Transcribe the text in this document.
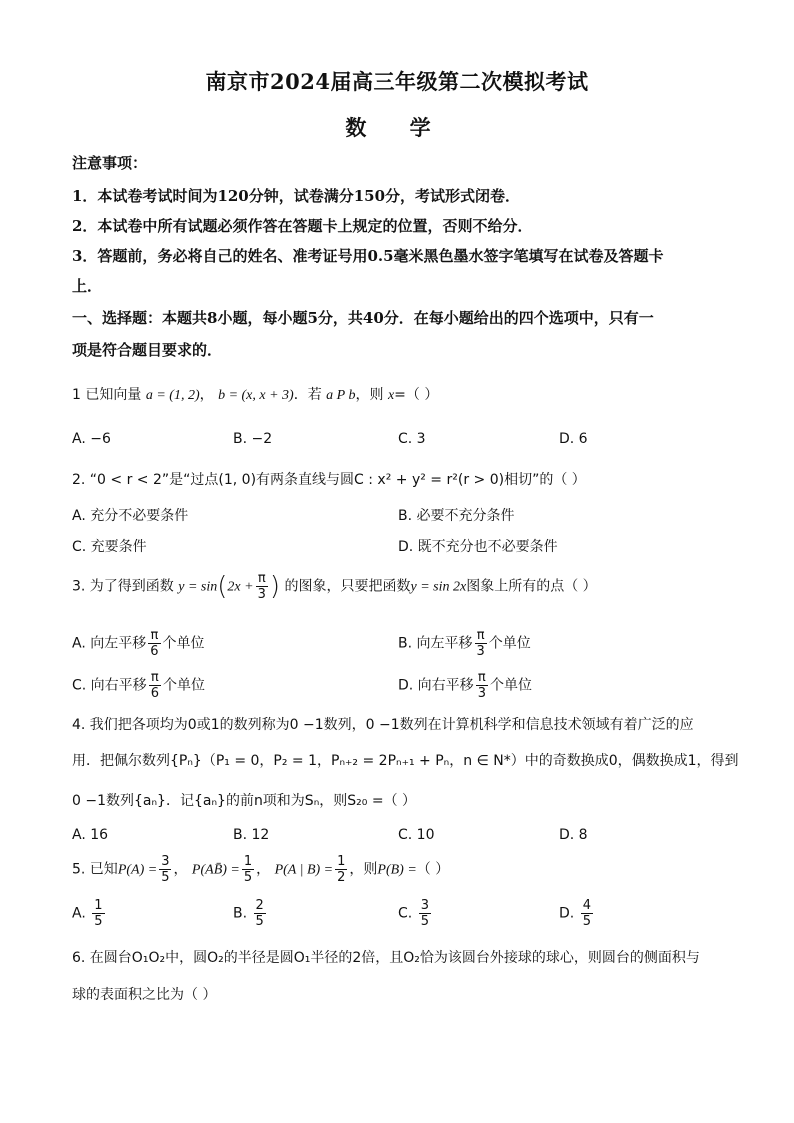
南京市2024届高三年级第二次模拟考试
数 学
注意事项：
1．本试卷考试时间为120分钟，试卷满分150分，考试形式闭卷．
2．本试卷中所有试题必须作答在答题卡上规定的位置，否则不给分．
3．答题前，务必将自己的姓名、准考证号用0.5毫米黑色墨水签字笔填写在试卷及答题卡
上．
一、选择题：本题共8小题，每小题5分，共40分．在每小题给出的四个选项中，只有一
项是符合题目要求的．
1 已知向量 a = (1, 2)， b = (x, x + 3)．若 a P b，则 x=（ ）
A. −6	B. −2	C. 3	D. 6
2. “0 < r < 2”是“过点(1, 0)有两条直线与圆C : x² + y² = r²(r > 0)相切”的（ ）
A. 充分不必要条件	B. 必要不充分条件
C. 充要条件	D. 既不充分也不必要条件
3. 为了得到函数 $y = \sin(2x + \frac{\pi}{3}$ ) 的图象，只要把函数y = sin 2x图象上所有的点（ ）
A. 向左平移 $\frac{\pi}{6}$ 个单位	B. 向左平移 $\frac{\pi}{3}$ 个单位
C. 向右平移 $\frac{\pi}{6}$ 个单位	D. 向右平移 $\frac{\pi}{3}$ 个单位
4. 我们把各项均为0或1的数列称为0 −1数列，0 −1数列在计算机科学和信息技术领域有着广泛的应
用．把佩尔数列{Pₙ}（P₁ = 0，P₂ = 1，Pₙ₊₂ = 2Pₙ₊₁ + Pₙ，n ∈ N*）中的奇数换成0，偶数换成1，得到
0 −1数列{aₙ}．记{aₙ}的前n项和为Sₙ，则S₂₀ =（ ）
A. 16	B. 12	C. 10	D. 8
5. 已知$P(A) = \frac{3}{5}$ ， P(AB̄) = $\frac{1}{5}$ ， P(A | $B) = \frac{1}{2}$ ，则P(B) =（ ）
A. $\frac{1}{5}$	B. $\frac{2}{5}$	C. $\frac{3}{5}$	D. $\frac{4}{5}$
6. 在圆台O₁O₂中，圆O₂的半径是圆O₁半径的2倍，且O₂恰为该圆台外接球的球心，则圆台的侧面积与
球的表面积之比为（ ）
